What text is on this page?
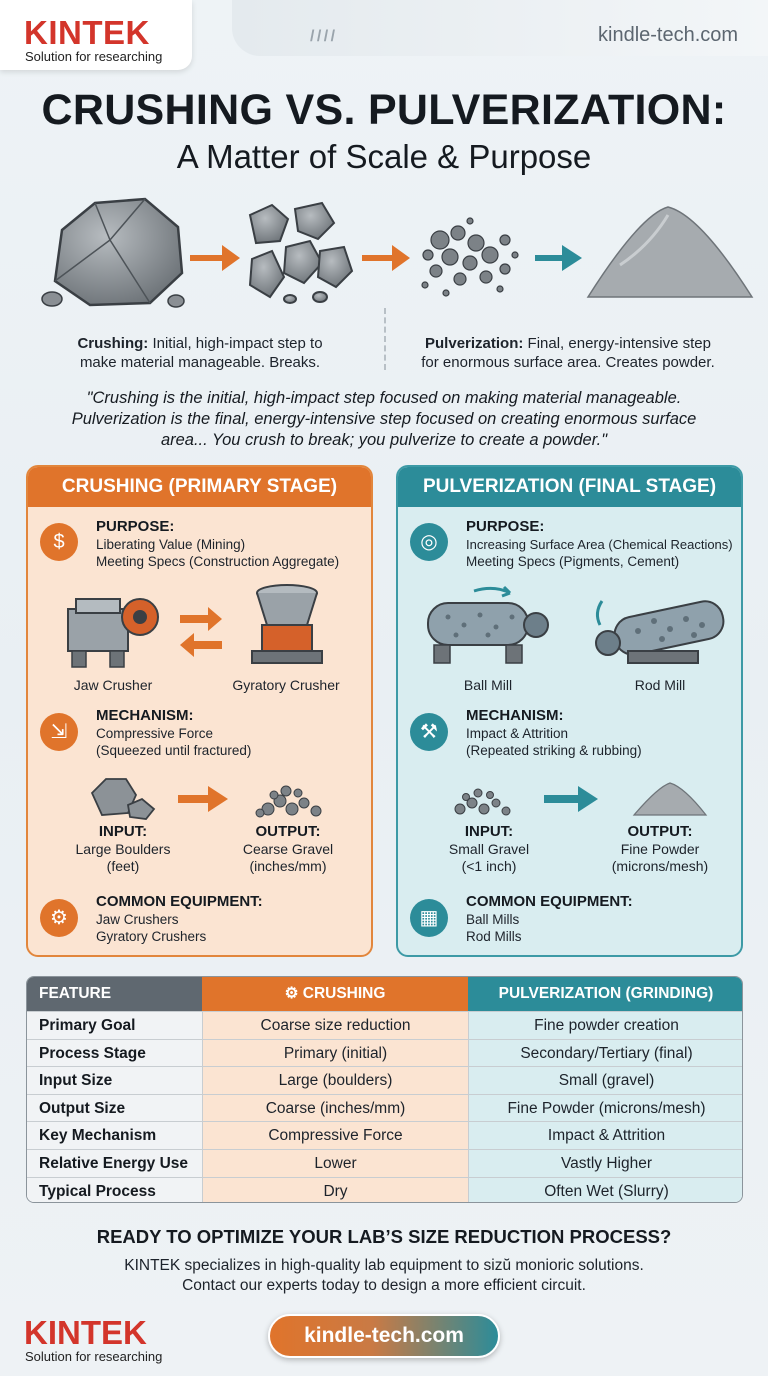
/ / / /	kindle-tech.com
KINTEK
Solution for researching
CRUSHING VS. PULVERIZATION:
A Matter of Scale & Purpose
Crushing: Initial, high-impact step to
make material manageable. Breaks.
Pulverization: Final, energy-intensive step
for enormous surface area. Creates powder.
"Crushing is the initial, high-impact step focused on making material manageable.
Pulverization is the final, energy-intensive step focused on creating enormous surface
area... You crush to break; you pulverize to create a powder."
CRUSHING (PRIMARY STAGE)
$
PURPOSE:
Liberating Value (Mining)
Meeting Specs (Construction Aggregate)
Jaw Crusher	Gyratory Crusher
⇲
MECHANISM:
Compressive Force
(Squeezed until fractured)
INPUT:
Large Boulders
(feet)
OUTPUT:
Cearse Gravel
(inches/mm)
⚙
COMMON EQUIPMENT:
Jaw Crushers
Gyratory Crushers
PULVERIZATION (FINAL STAGE)
◎
PURPOSE:
Increasing Surface Area (Chemical Reactions)
Meeting Specs (Pigments, Cement)
Ball Mill	Rod Mill
⚒
MECHANISM:
Impact & Attrition
(Repeated striking & rubbing)
INPUT:
Small Gravel
(<1 inch)
OUTPUT:
Fine Powder
(microns/mesh)
▦
COMMON EQUIPMENT:
Ball Mills
Rod Mills
FEATURE	⚙ CRUSHING	PULVERIZATION (GRINDING)
Primary Goal	Coarse size reduction	Fine powder creation
Process Stage	Primary (initial)	Secondary/Tertiary (final)
Input Size	Large (boulders)	Small (gravel)
Output Size	Coarse (inches/mm)	Fine Powder (microns/mesh)
Key Mechanism	Compressive Force	Impact & Attrition
Relative Energy Use	Lower	Vastly Higher
Typical Process	Dry	Often Wet (Slurry)
READY TO OPTIMIZE YOUR LAB’S SIZE REDUCTION PROCESS?
KINTEK specializes in high-quality lab equipment to sizŭ monioric solutions.
Contact our experts today to design a more efficient circuit.
KINTEK
Solution for researching
kindle-tech.com
